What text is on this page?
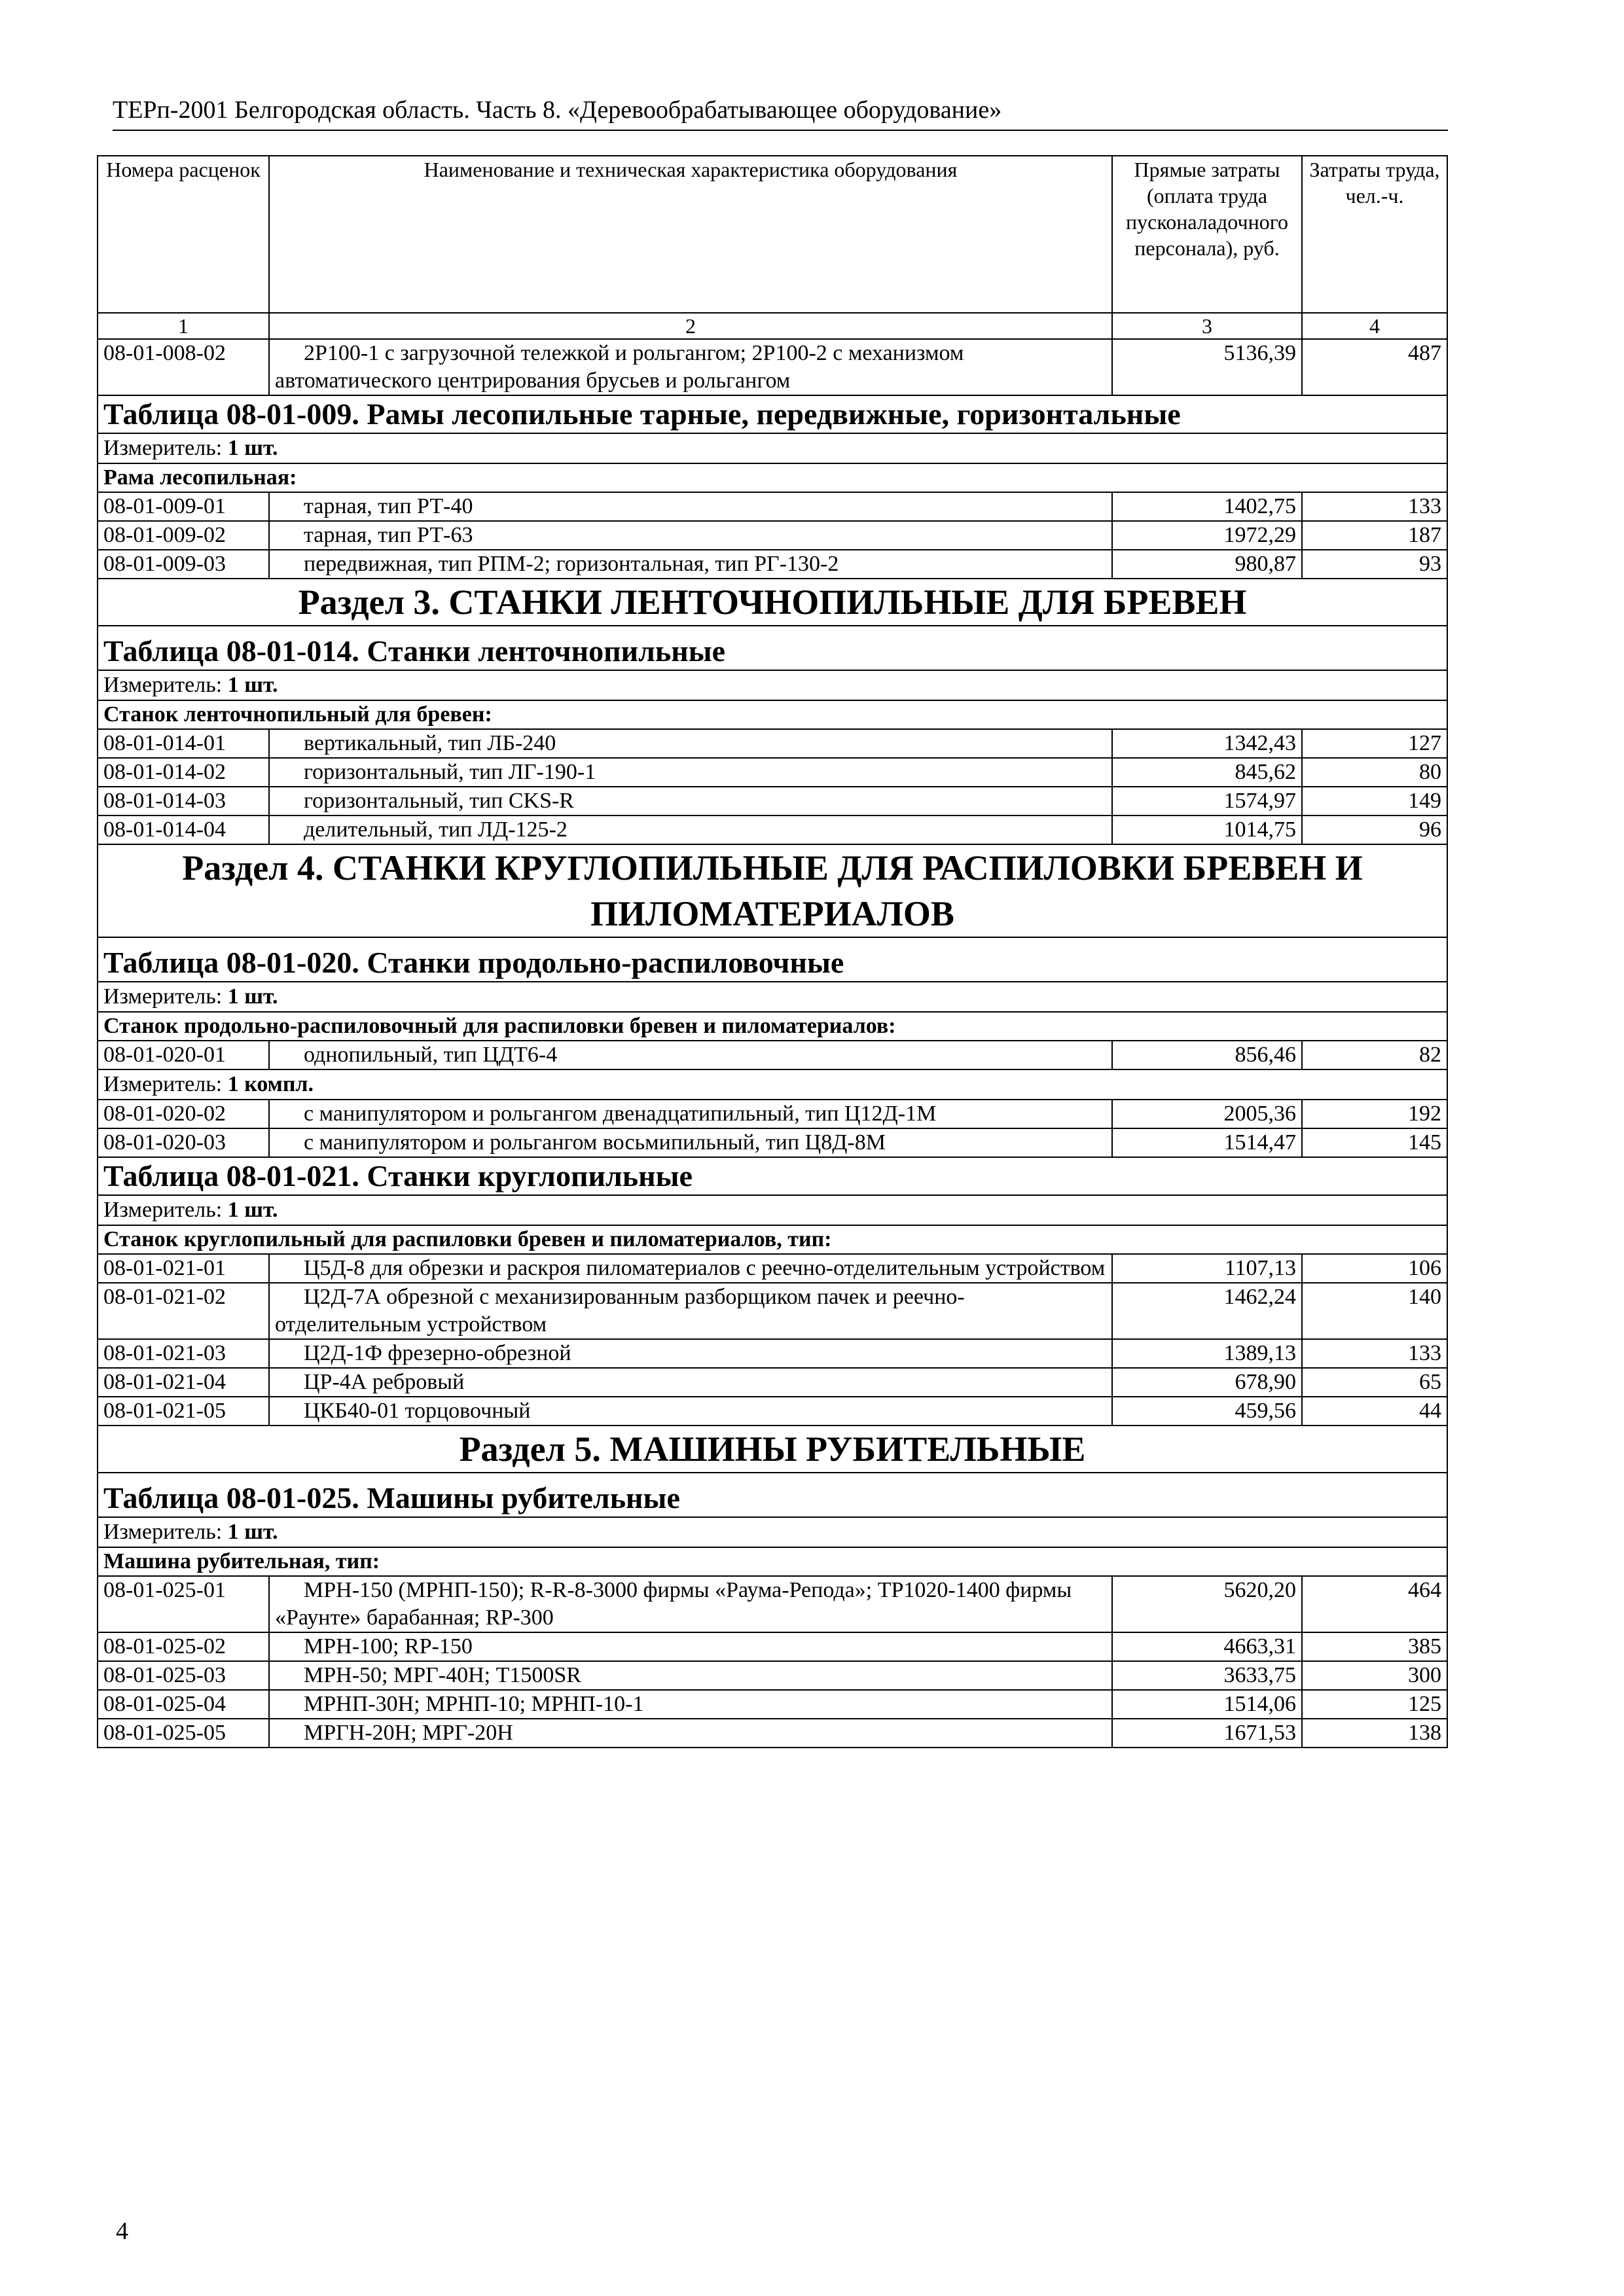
ТЕРп-2001 Белгородская область. Часть 8. «Деревообрабатывающее оборудование»
Номера расценок	Наименование и техническая характеристика оборудования	Прямые затраты (оплата труда пусконаладочного персонала), руб.	Затраты труда, чел.-ч.
1	2	3	4
08-01-008-02	2Р100-1 с загрузочной тележкой и рольгангом; 2Р100-2 с механизмом автоматического центрирования брусьев и рольгангом	5136,39	487
Таблица 08-01-009. Рамы лесопильные тарные, передвижные, горизонтальные			
Измеритель: 1 шт.			
Рама лесопильная:			
08-01-009-01	тарная, тип РТ-40	1402,75	133
08-01-009-02	тарная, тип РТ-63	1972,29	187
08-01-009-03	передвижная, тип РПМ-2; горизонтальная, тип РГ-130-2	980,87	93
Раздел 3. СТАНКИ ЛЕНТОЧНОПИЛЬНЫЕ ДЛЯ БРЕВЕН			
Таблица 08-01-014. Станки ленточнопильные			
Измеритель: 1 шт.			
Станок ленточнопильный для бревен:			
08-01-014-01	вертикальный, тип ЛБ-240	1342,43	127
08-01-014-02	горизонтальный, тип ЛГ-190-1	845,62	80
08-01-014-03	горизонтальный, тип CKS-R	1574,97	149
08-01-014-04	делительный, тип ЛД-125-2	1014,75	96
Раздел 4. СТАНКИ КРУГЛОПИЛЬНЫЕ ДЛЯ РАСПИЛОВКИ БРЕВЕН И ПИЛОМАТЕРИАЛОВ			
Таблица 08-01-020. Станки продольно-распиловочные			
Измеритель: 1 шт.			
Станок продольно-распиловочный для распиловки бревен и пиломатериалов:			
08-01-020-01	однопильный, тип ЦДТ6-4	856,46	82
Измеритель: 1 компл.			
08-01-020-02	с манипулятором и рольгангом двенадцатипильный, тип Ц12Д-1М	2005,36	192
08-01-020-03	с манипулятором и рольгангом восьмипильный, тип Ц8Д-8М	1514,47	145
Таблица 08-01-021. Станки круглопильные			
Измеритель: 1 шт.			
Станок круглопильный для распиловки бревен и пиломатериалов, тип:			
08-01-021-01	Ц5Д-8 для обрезки и раскроя пиломатериалов с реечно-отделительным устройством	1107,13	106
08-01-021-02	Ц2Д-7А обрезной с механизированным разборщиком пачек и реечно-отделительным устройством	1462,24	140
08-01-021-03	Ц2Д-1Ф фрезерно-обрезной	1389,13	133
08-01-021-04	ЦР-4А ребровый	678,90	65
08-01-021-05	ЦКБ40-01 торцовочный	459,56	44
Раздел 5. МАШИНЫ РУБИТЕЛЬНЫЕ			
Таблица 08-01-025. Машины рубительные			
Измеритель: 1 шт.			
Машина рубительная, тип:			
08-01-025-01	МРН-150 (МРНП-150); R-R-8-3000 фирмы «Раума-Репода»; ТР1020-1400 фирмы «Раунте» барабанная; RP-300	5620,20	464
08-01-025-02	МРН-100; RP-150	4663,31	385
08-01-025-03	МРН-50; МРГ-40Н; Т1500SR	3633,75	300
08-01-025-04	МРНП-30Н; МРНП-10; МРНП-10-1	1514,06	125
08-01-025-05	МРГН-20Н; МРГ-20Н	1671,53	138
4
